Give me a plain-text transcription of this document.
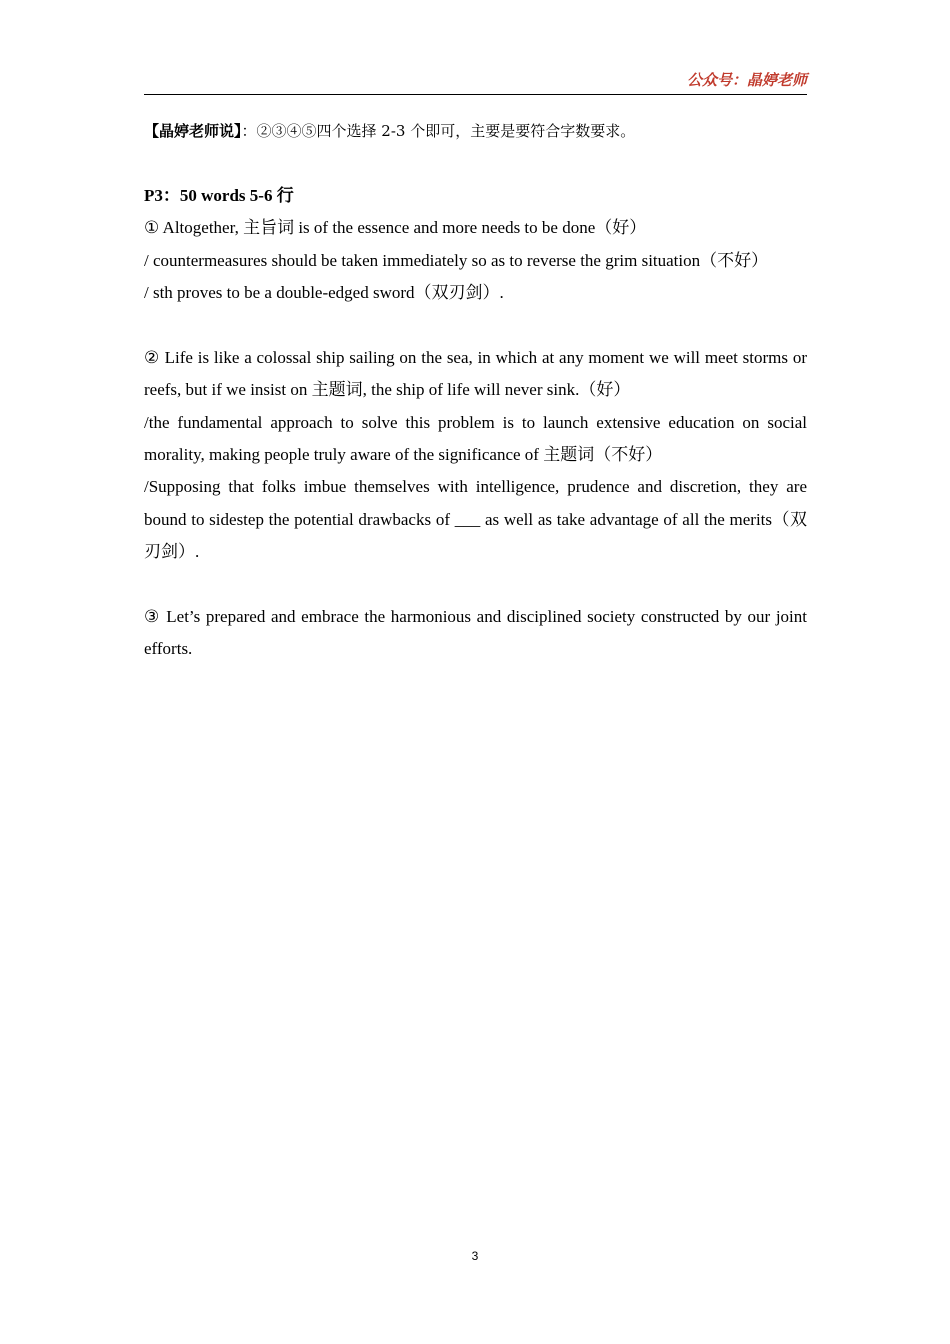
公众号：晶婷老师

【晶婷老师说】：②③④⑤四个选择 2-3 个即可，主要是要符合字数要求。

P3：50 words 5-6 行

① Altogether, 主旨词 is of the essence and more needs to be done（好）

/ countermeasures should be taken immediately so as to reverse the grim situation（不好）

/ sth proves to be a double-edged sword（双刃剑）.

② Life is like a colossal ship sailing on the sea, in which at any moment we will meet storms or reefs, but if we insist on 主题词, the ship of life will never sink.（好）

/the fundamental approach to solve this problem is to launch extensive education on social morality, making people truly aware of the significance of 主题词（不好）

/Supposing that folks imbue themselves with intelligence, prudence and discretion, they are bound to sidestep the potential drawbacks of ___ as well as take advantage of all the merits（双刃剑）.

③ Let’s prepared and embrace the harmonious and disciplined society constructed by our joint efforts.

3
